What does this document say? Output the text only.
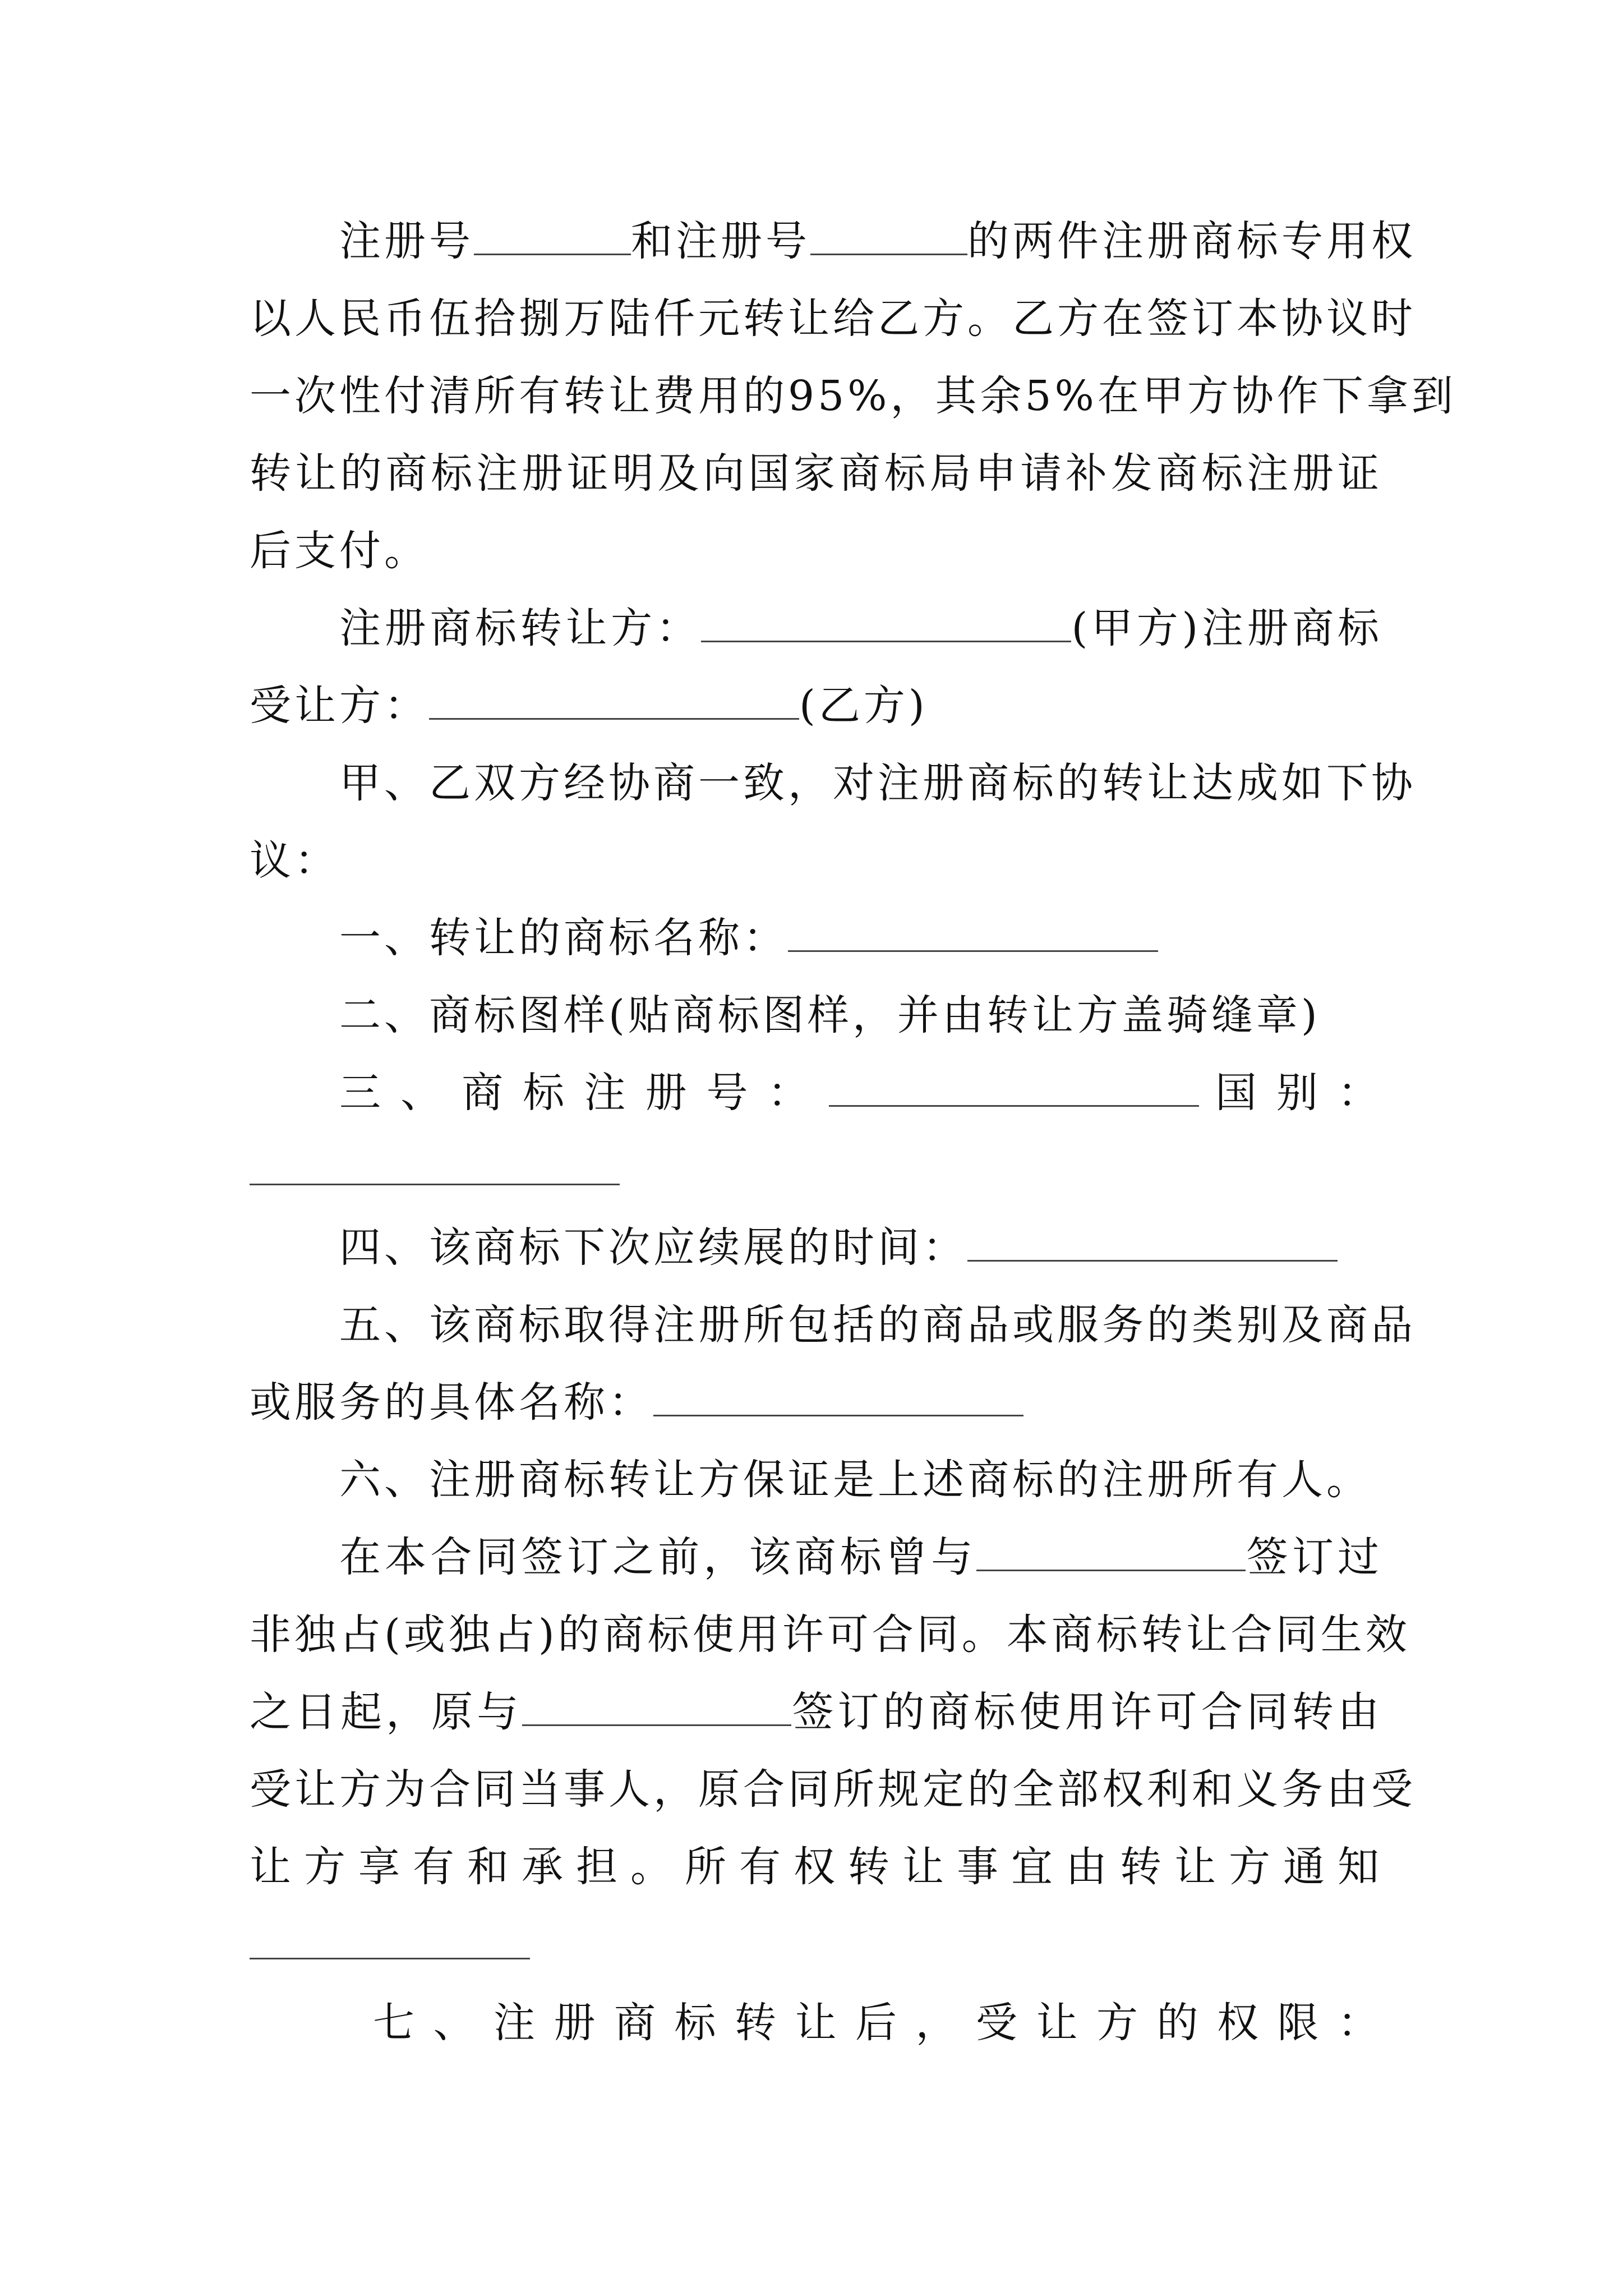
注册号	和注册号	的两件注册商标专用权
以人民币伍拾捌万陆仟元转让给乙方。乙方在签订本协议时
一次性付清所有转让费用的95%，其余5%在甲方协作下拿到
转让的商标注册证明及向国家商标局申请补发商标注册证
后支付。
注册商标转让方：	(甲方)注册商标
受让方：	(乙方)
甲、乙双方经协商一致，对注册商标的转让达成如下协
议：
一、转让的商标名称：
二、商标图样(贴商标图样，并由转让方盖骑缝章)
三、商标注册号：	国别：
四、该商标下次应续展的时间：
五、该商标取得注册所包括的商品或服务的类别及商品
或服务的具体名称：
六、注册商标转让方保证是上述商标的注册所有人。
在本合同签订之前，该商标曾与	签订过
非独占(或独占)的商标使用许可合同。本商标转让合同生效
之日起，原与	签订的商标使用许可合同转由
受让方为合同当事人，原合同所规定的全部权利和义务由受
让方享有和承担。所有权转让事宜由转让方通知
七、注册商标转让后，受让方的权限：
